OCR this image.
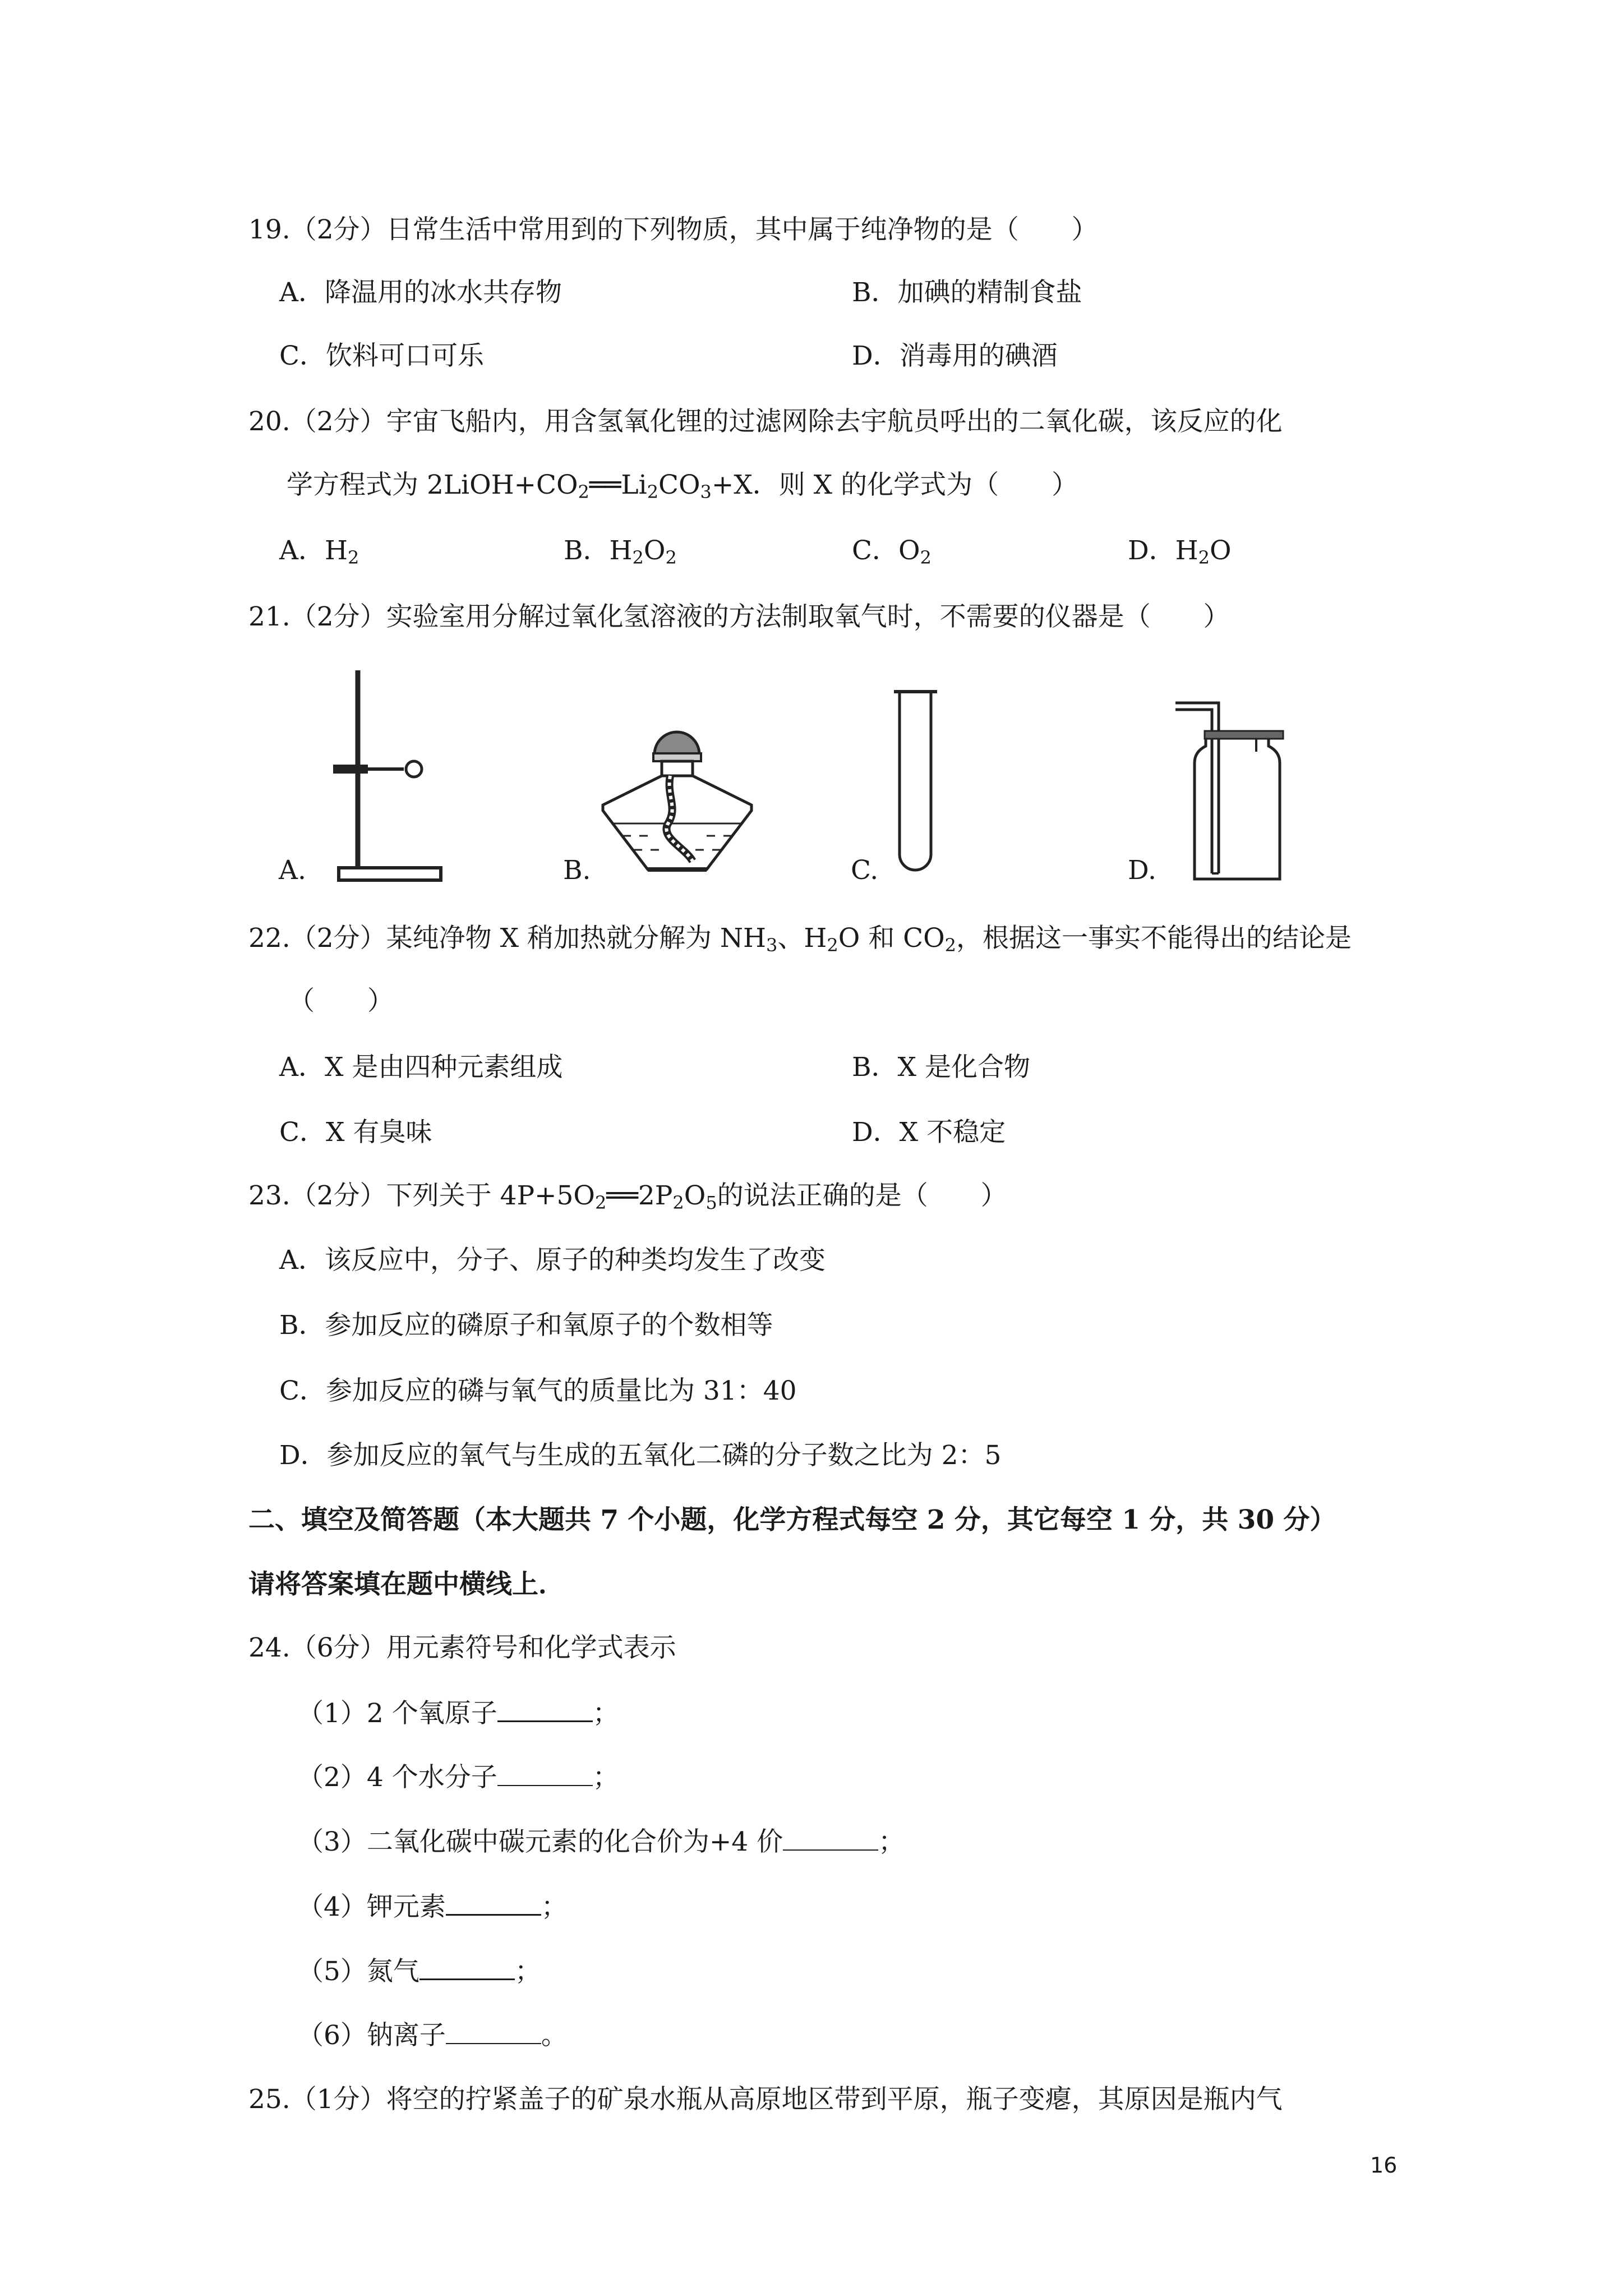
19.（2分）日常生活中常用到的下列物质，其中属于纯净物的是（　　）
A．降温用的冰水共存物	B．加碘的精制食盐
C．饮料可口可乐	D．消毒用的碘酒
20.（2分）宇宙飞船内，用含氢氧化锂的过滤网除去宇航员呼出的二氧化碳，该反应的化
学方程式为 $2LiOH+CO_2══Li_2CO_3+X$．则 X 的化学式为（　　）
A．$H_2$	B．$H_2O_2$	C．$O_2$	D．$H_2O$
21.（2分）实验室用分解过氧化氢溶液的方法制取氧气时，不需要的仪器是（　　）
A.	B.	C.	D.
22.（2分）某纯净物 X 稍加热就分解为 $NH_3$、$H_2O$ 和 $CO_2$，根据这一事实不能得出的结论是
（　　）
A．X 是由四种元素组成	B．X 是化合物
C．X 有臭味	D．X 不稳定
23.（2分）下列关于 $4P+5O_2══2P_2O_5$的说法正确的是（　　）
A．该反应中，分子、原子的种类均发生了改变
B．参加反应的磷原子和氧原子的个数相等
C．参加反应的磷与氧气的质量比为 31：40
D．参加反应的氧气与生成的五氧化二磷的分子数之比为 2：5
二、填空及简答题（本大题共 7 个小题，化学方程式每空 2 分，其它每空 1 分，共 30 分）
请将答案填在题中横线上．
24.（6分）用元素符号和化学式表示
（1）2 个氧原子	；
（2）4 个水分子	；
（3）二氧化碳中碳元素的化合价为+4 价	；
（4）钾元素	；
（5）氮气	；
（6）钠离子	。
25.（1分）将空的拧紧盖子的矿泉水瓶从高原地区带到平原，瓶子变瘪，其原因是瓶内气
16
